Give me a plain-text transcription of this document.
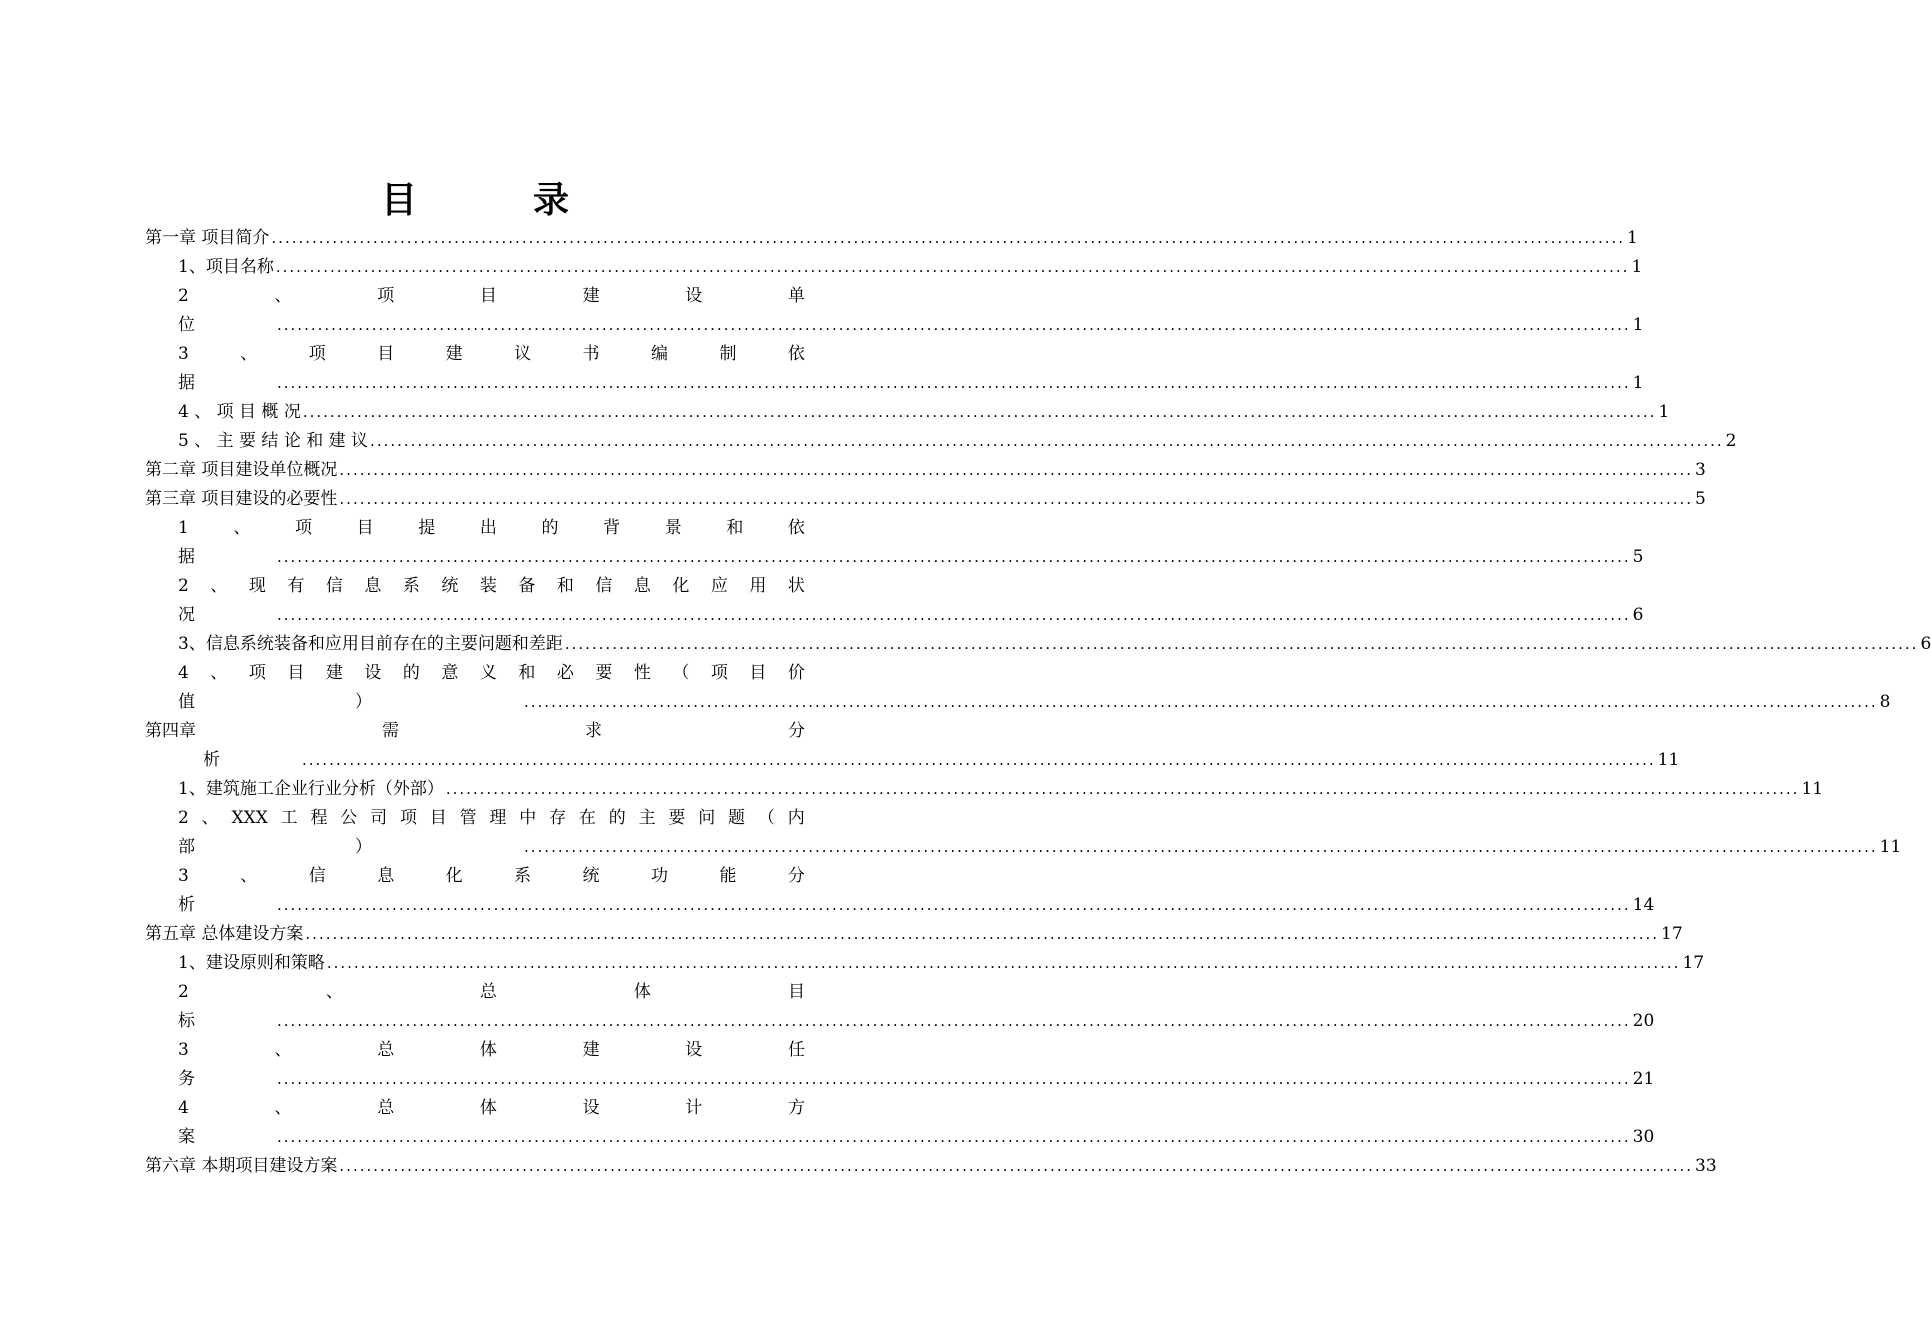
目　录
第一章 项目简介 ........................................................................................................................................................................................................ 1
1、项目名称 ........................................................................................................................................................................................................ 1
2	、	项	目	建	设	单
位	........................................................................................................................................................................................................ 1
3	、	项	目	建	议	书	编	制	依
据	........................................................................................................................................................................................................ 1
4 、 项 目 概 况 ........................................................................................................................................................................................................ 1
5 、 主 要 结 论 和 建 议 ........................................................................................................................................................................................................ 2
第二章 项目建设单位概况 ........................................................................................................................................................................................................ 3
第三章 项目建设的必要性 ........................................................................................................................................................................................................ 5
1	、	项	目	提	出	的	背	景	和	依
据	........................................................................................................................................................................................................ 5
2 、 现 有 信 息 系 统 装 备 和 信 息 化 应 用 状
况	........................................................................................................................................................................................................ 6
3、信息系统装备和应用目前存在的主要问题和差距 ........................................................................................................................................................................................................ 6
4 、 项 目 建 设 的 意 义 和 必 要 性 （ 项 目 价
值	）	........................................................................................................................................................................................................ 8
第四章	需	求	分
析	........................................................................................................................................................................................................ 11
1、建筑施工企业行业分析（外部） ........................................................................................................................................................................................................ 11
2 、 XXX 工 程 公 司 项 目 管 理 中 存 在 的 主 要 问 题 （ 内
部	）	........................................................................................................................................................................................................ 11
3	、	信	息	化	系	统	功	能	分
析	........................................................................................................................................................................................................ 14
第五章 总体建设方案 ........................................................................................................................................................................................................ 17
1、建设原则和策略 ........................................................................................................................................................................................................ 17
2	、	总	体	目
标	........................................................................................................................................................................................................ 20
3	、	总	体	建	设	任
务	........................................................................................................................................................................................................ 21
4	、	总	体	设	计	方
案	........................................................................................................................................................................................................ 30
第六章 本期项目建设方案 ........................................................................................................................................................................................................ 33
